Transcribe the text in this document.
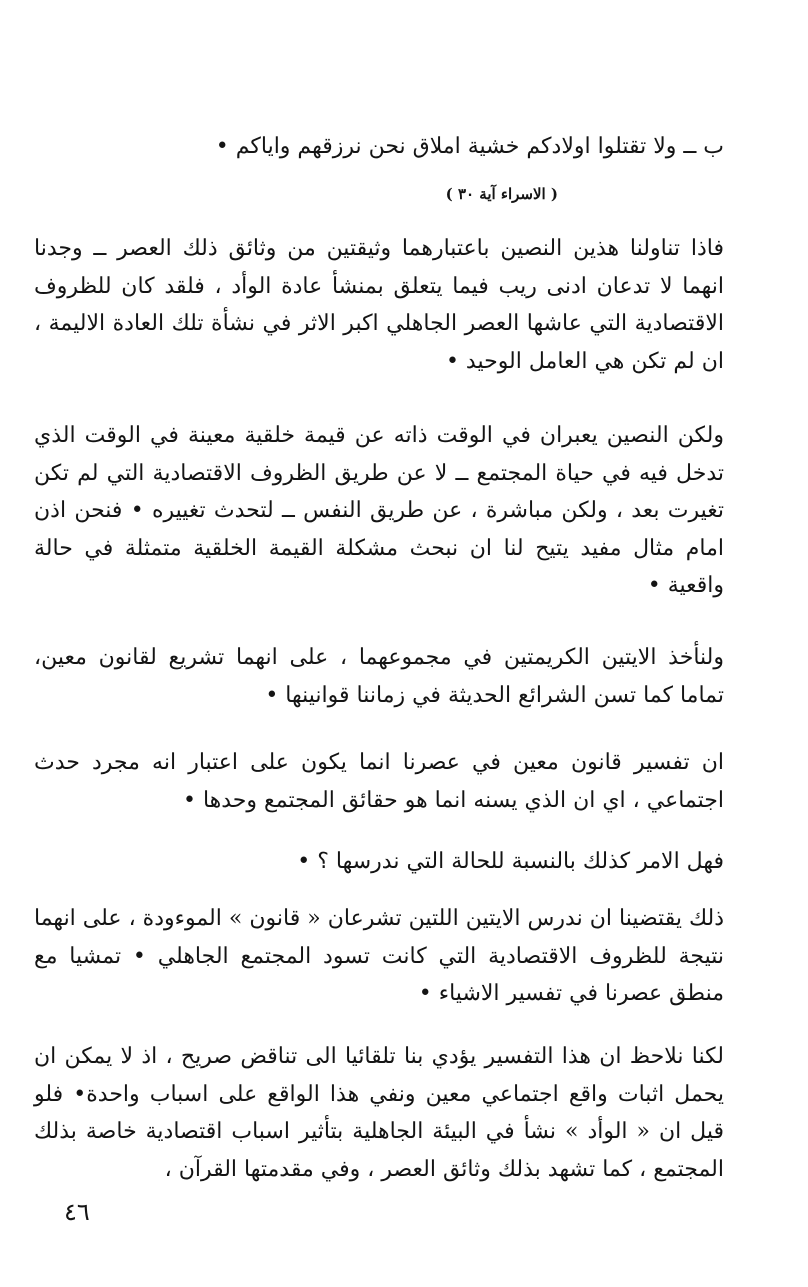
ب ــ ولا تقتلوا اولادكم خشية املاق نحن نرزقهم واياكم •
( الاسراء آية ٣٠ )
فاذا تناولنا هذين النصين باعتبارهما وثيقتين من وثائق ذلك العصر ــ وجدنا انهما لا تدعان ادنى ريب فيما يتعلق بمنشأ عادة الوأد ، فلقد كان للظروف الاقتصادية التي عاشها العصر الجاهلي اكبر الاثر في نشأة تلك العادة الاليمة ، ان لم تكن هي العامل الوحيد •
ولكن النصين يعبران في الوقت ذاته عن قيمة خلقية معينة في الوقت الذي تدخل فيه في حياة المجتمع ــ لا عن طريق الظروف الاقتصادية التي لم تكن تغيرت بعد ، ولكن مباشرة ، عن طريق النفس ــ لتحدث تغييره • فنحن اذن امام مثال مفيد يتيح لنا ان نبحث مشكلة القيمة الخلقية متمثلة في حالة واقعية •
ولنأخذ الايتين الكريمتين في مجموعهما ، على انهما تشريع لقانون معين، تماما كما تسن الشرائع الحديثة في زماننا قوانينها •
ان تفسير قانون معين في عصرنا انما يكون على اعتبار انه مجرد حدث اجتماعي ، اي ان الذي يسنه انما هو حقائق المجتمع وحدها •
فهل الامر كذلك بالنسبة للحالة التي ندرسها ؟ •
ذلك يقتضينا ان ندرس الايتين اللتين تشرعان « قانون » الموءودة ، على انهما نتيجة للظروف الاقتصادية التي كانت تسود المجتمع الجاهلي • تمشيا مع منطق عصرنا في تفسير الاشياء •
لكنا نلاحظ ان هذا التفسير يؤدي بنا تلقائيا الى تناقض صريح ، اذ لا يمكن ان يحمل اثبات واقع اجتماعي معين ونفي هذا الواقع على اسباب واحدة• فلو قيل ان « الوأد » نشأ في البيئة الجاهلية بتأثير اسباب اقتصادية خاصة بذلك المجتمع ، كما تشهد بذلك وثائق العصر ، وفي مقدمتها القرآن ،
٤٦
